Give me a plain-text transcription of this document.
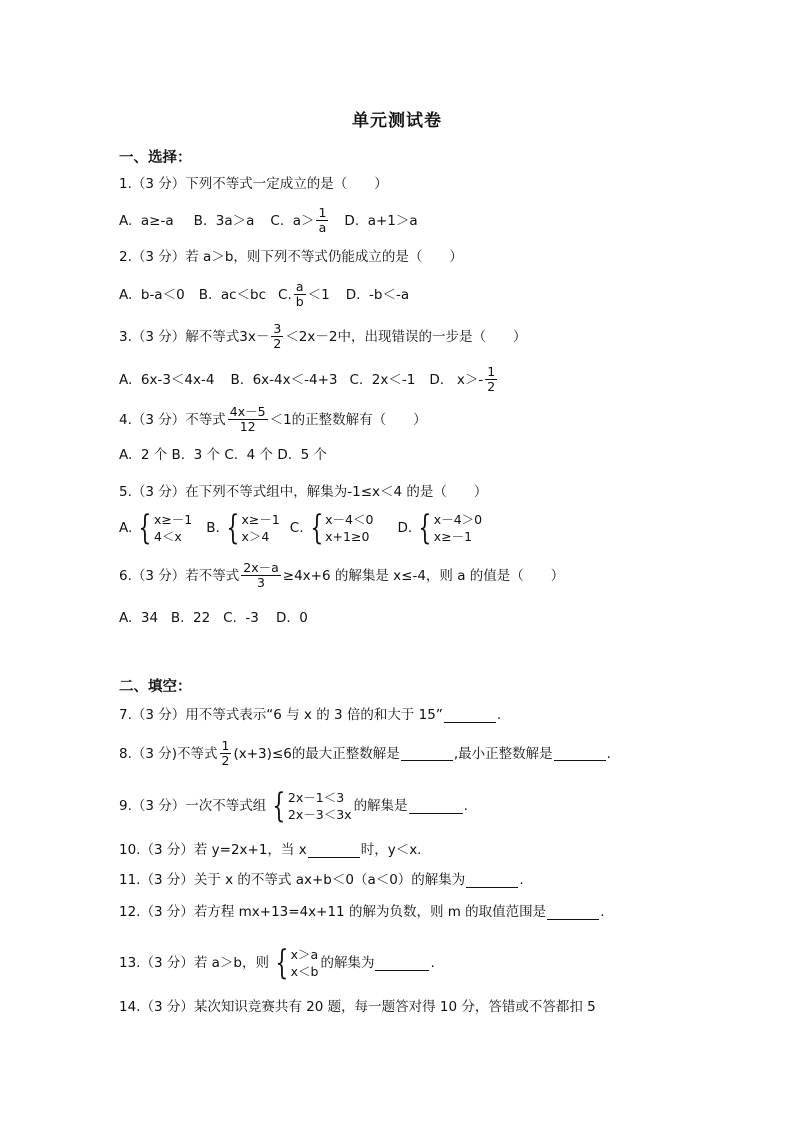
单元测试卷
一、选择：
1.（3 分）下列不等式一定成立的是（　　）
A.  a≥-a B.  3a＞a C.  $a> \frac{1}{a} D$.  a+1＞a
2.（3 分）若 a＞b，则下列不等式仍能成立的是（　　）
A.  b-a＜0 B.  ac＜bc C. $\frac{a}{b} <1$ D.  -b＜-a
3.（3 分）解不等式 $3x- \frac{3}{2} <2x-2$ 中，出现错误的一步是（　　）
A.  6x-3＜4x-4 B.  6x-4x＜-4+3 C.  2x＜-1 D.   $x>- \frac{1}{2}$
4.（3 分）不等式 $\frac{4x-5}{12} <1$的正整数解有（　　）
A.  2 个 B.  3 个 C.  4 个 D.  5 个
5.（3 分）在下列不等式组中，解集为-1≤x＜4 的是（　　）
A. { x≥－1
4＜x
B. { x≥－1
x＞4
C. { x－4＜0
x+1≥0
D. { x－4＞0
x≥－1
6.（3 分）若不等式 $\frac{2x-a}{3} \ge 4x+6$ 的解集是 x≤-4，则 a 的值是（　　）
A.  34   B.  22   C.  -3    D.  0
二、填空：
7.（3 分）用不等式表示“6 与 x 的 3 倍的和大于 15”	.
8.（3 分)不等式 $\frac{1}{2} (x+3)\le 6$ 的最大正整数解是	,最小正整数解是	.
9.（3 分）一次不等式组 { 2x－1＜3
2x－3＜3x
的解集是	.
10.（3 分）若 y=2x+1，当 x	时，y＜x.
11.（3 分）关于 x 的不等式 ax+b＜0（a＜0）的解集为	.
12.（3 分）若方程 mx+13=4x+11 的解为负数，则 m 的取值范围是	.
13.（3 分）若 a＞b，则 { x＞a
x＜b
的解集为	.
14.（3 分）某次知识竞赛共有 20 题，每一题答对得 10 分，答错或不答都扣 5
